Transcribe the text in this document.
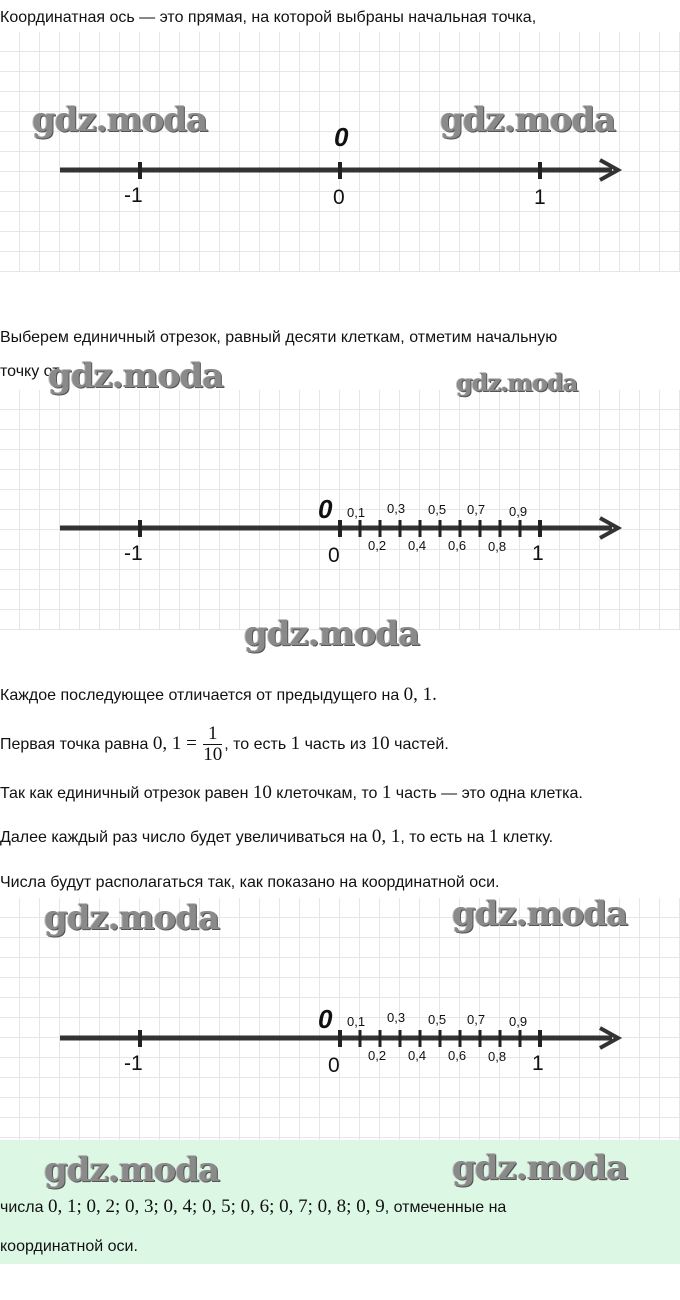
Координатная ось — это прямая, на которой выбраны начальная точка,
gdz.moda	gdz.moda
0
-1	0	1
Выберем единичный отрезок, равный десяти клеткам, отметим начальную
точку от
gdz.moda	gdz.moda
0 0,1 0,3 0,5 0,7 0,9
0,2 0,4 0,6 0,8
-1	0	1
gdz.moda
Каждое последующее отличается от предыдущего на 0, 1.
Первая точка равна 0, $1 = \frac{1}{10}$ , то есть 1 часть из 10 частей.
Так как единичный отрезок равен 10 клеточкам, то 1 часть — это одна клетка.
Далее каждый раз число будет увеличиваться на 0, 1, то есть на 1 клетку.
Числа будут располагаться так, как показано на координатной оси.
gdz.moda	gdz.moda
0 0,1 0,3 0,5 0,7 0,9
0,2 0,4 0,6 0,8
-1	0	1
gdz.moda	gdz.moda
числа 0, 1; 0, 2; 0, 3; 0, 4; 0, 5; 0, 6; 0, 7; 0, 8; 0, 9, отмеченные на
координатной оси.
